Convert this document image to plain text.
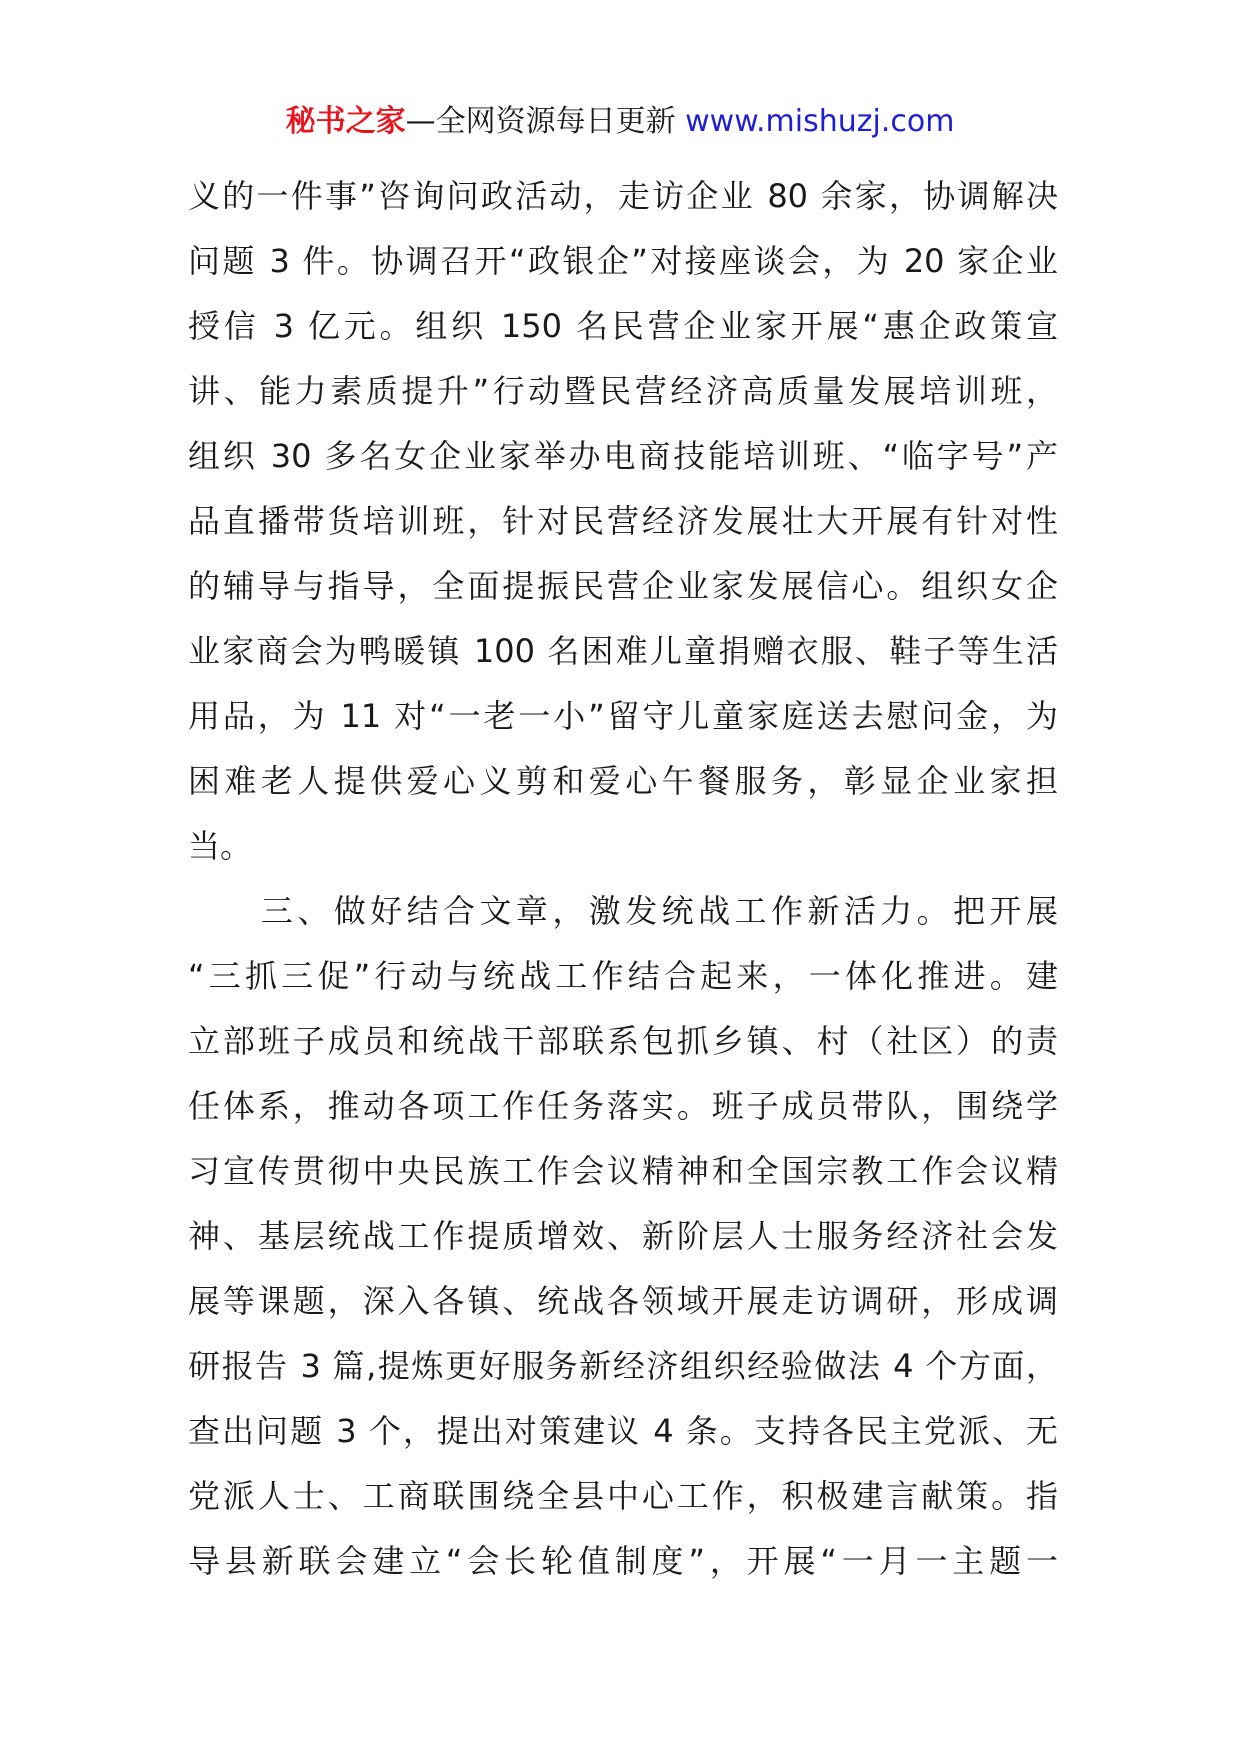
秘书之家—全网资源每日更新 www.mishuzj.com
义的一件事”咨询问政活动，走访企业 80 余家，协调解决
问题 3 件。协调召开“政银企”对接座谈会，为 20 家企业
授信 3 亿元。组织 150 名民营企业家开展“惠企政策宣
讲、能力素质提升”行动暨民营经济高质量发展培训班，
组织 30 多名女企业家举办电商技能培训班、“临字号”产
品直播带货培训班，针对民营经济发展壮大开展有针对性
的辅导与指导，全面提振民营企业家发展信心。组织女企
业家商会为鸭暖镇 100 名困难儿童捐赠衣服、鞋子等生活
用品，为 11 对“一老一小”留守儿童家庭送去慰问金，为
困难老人提供爱心义剪和爱心午餐服务，彰显企业家担
当。
　　三、做好结合文章，激发统战工作新活力。把开展
“三抓三促”行动与统战工作结合起来，一体化推进。建
立部班子成员和统战干部联系包抓乡镇、村（社区）的责
任体系，推动各项工作任务落实。班子成员带队，围绕学
习宣传贯彻中央民族工作会议精神和全国宗教工作会议精
神、基层统战工作提质增效、新阶层人士服务经济社会发
展等课题，深入各镇、统战各领域开展走访调研，形成调
研报告 3 篇,提炼更好服务新经济组织经验做法 4 个方面，
查出问题 3 个，提出对策建议 4 条。支持各民主党派、无
党派人士、工商联围绕全县中心工作，积极建言献策。指
导县新联会建立“会长轮值制度”，开展“一月一主题一
